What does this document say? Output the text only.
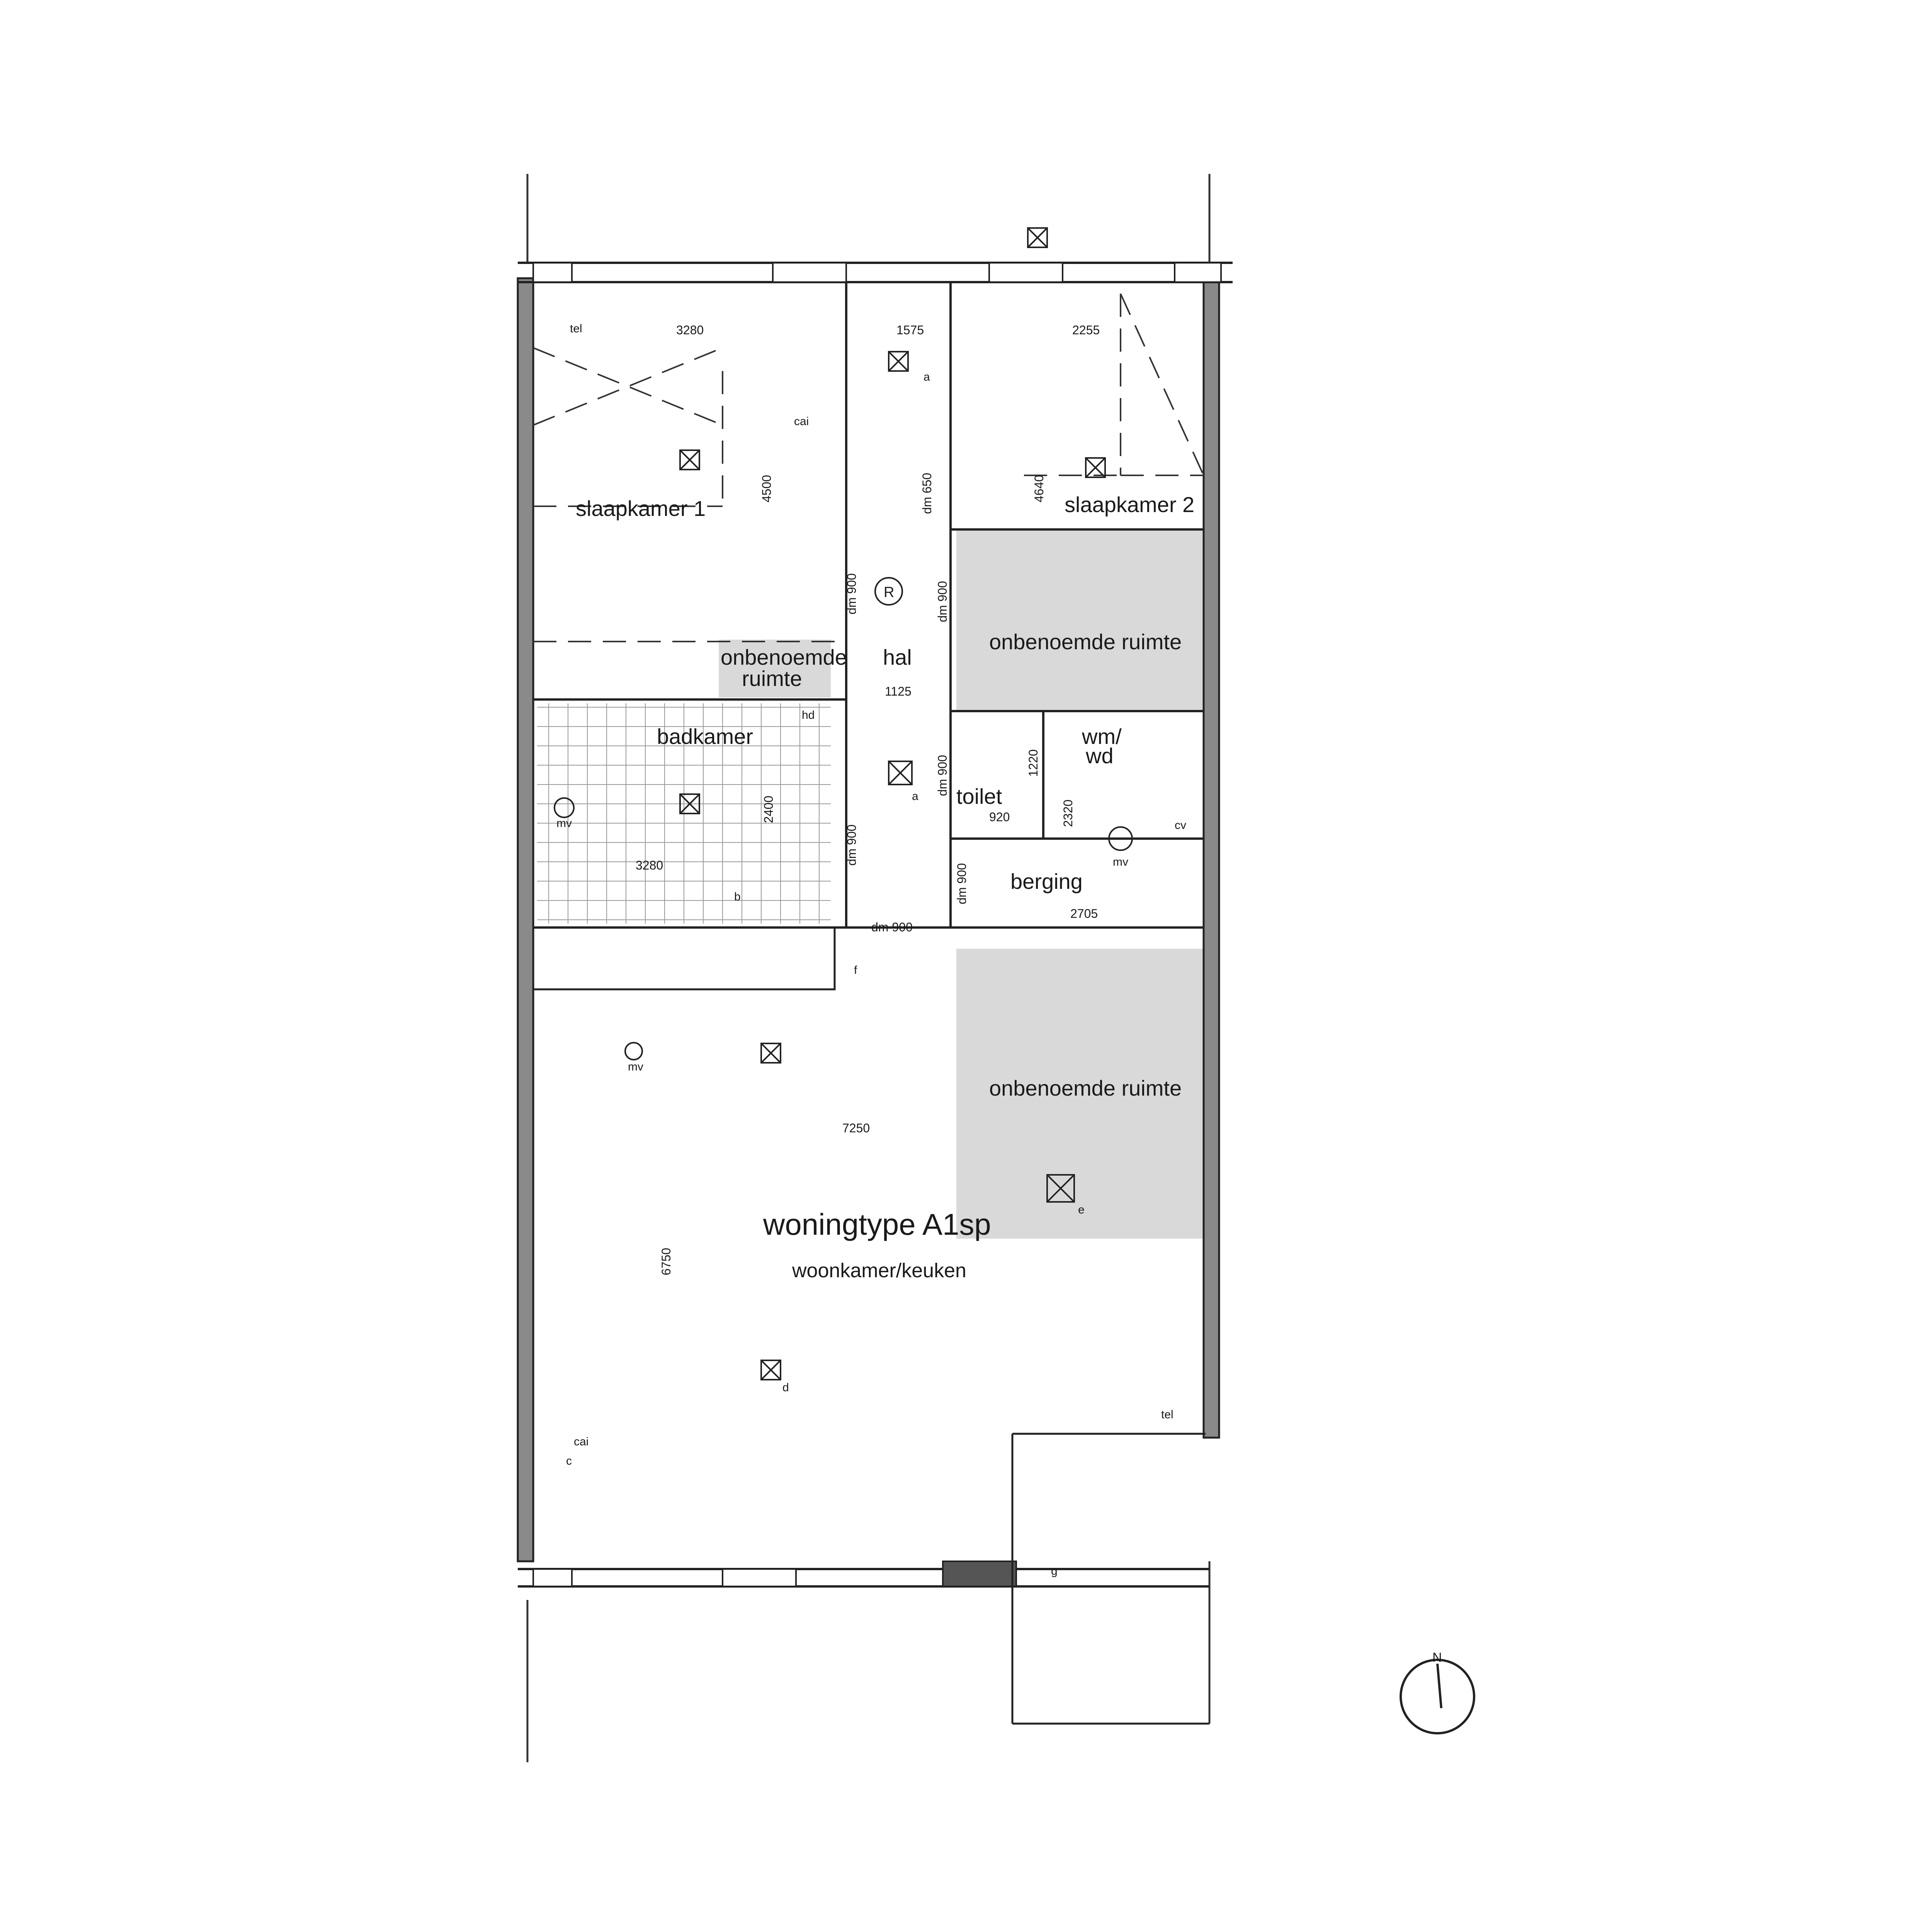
slaapkamer 1	slaapkamer 2
hal
onbenoemde ruimte
onbenoemde
ruimte
badkamer
toilet
berging
wm/
wd
onbenoemde ruimte
woningtype A1sp
woonkamer/keuken
3280	1575	2255
4500	4640
1125
2400
3280
920	2320
2705
7250
6750
1220
dm 900	dm 900
dm 900
dm 900
dm 900
dm 900
dm 650
tel
tel
cai
cai
mv
mv
mv
cv
hd
a
a
b
c
d
e
f
g
R
N
